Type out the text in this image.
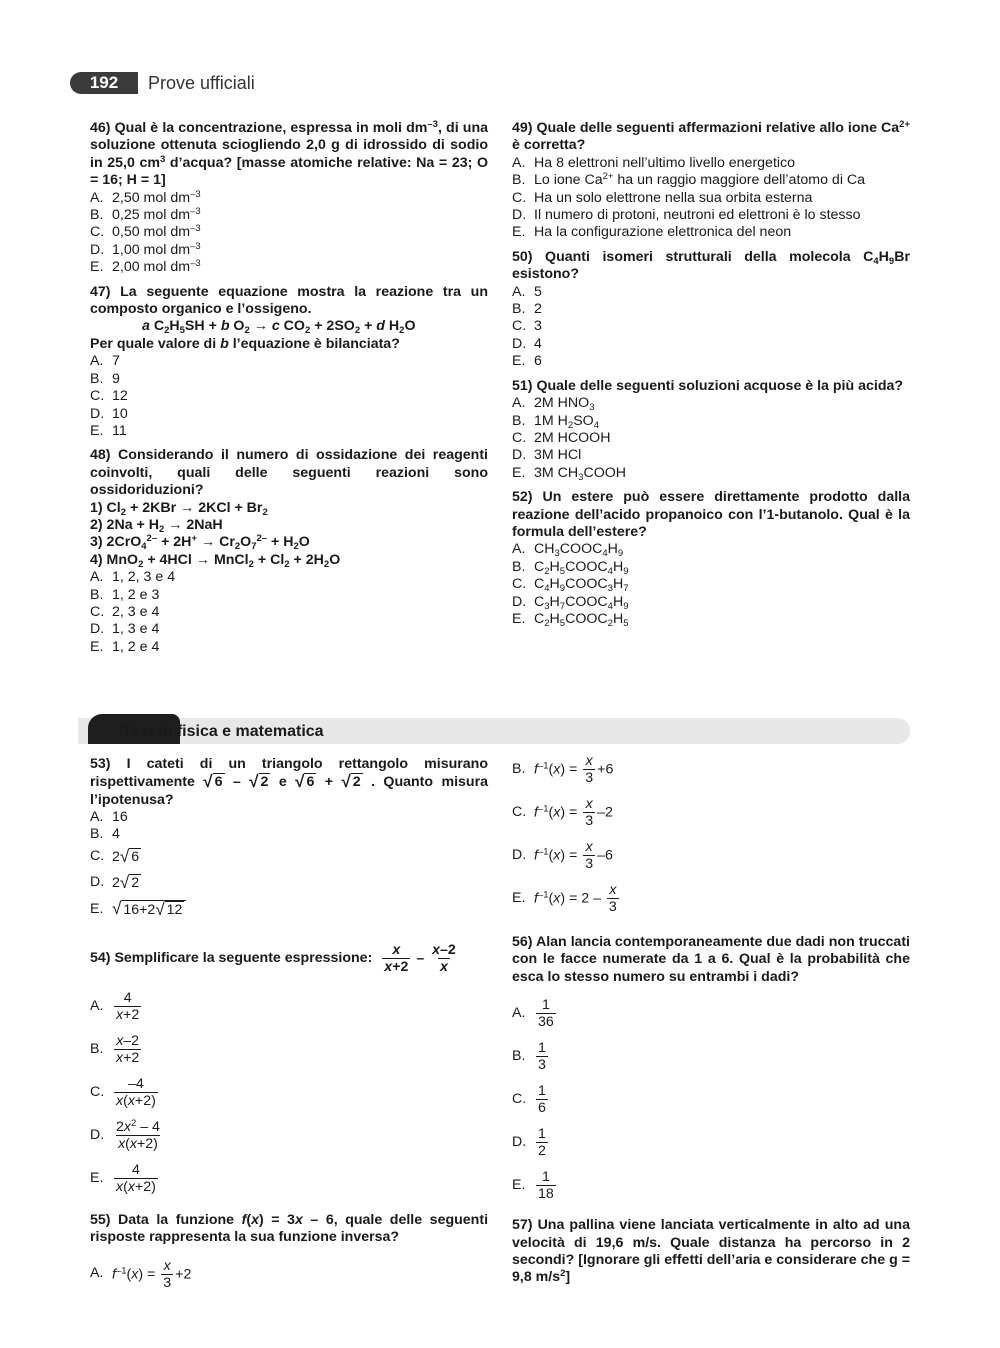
192	Prove ufficiali
46) Qual è la concentrazione, espressa in moli $dm^{-3}$, di una soluzione ottenuta sciogliendo 2,0 g di idrossido di sodio in 25,0 $cm^3$ d’acqua? [masse atomiche relative: Na = 23; O = 16; H = 1]
A. 2,50 mol $dm^{-3}$
B. 0,25 mol $dm^{-3}$
C. 0,50 mol $dm^{-3}$
D. 1,00 mol $dm^{-3}$
E. 2,00 mol $dm^{-3}$
47) La seguente equazione mostra la reazione tra un composto organico e l’ossigeno.
a $C_2H_5SH + b$ $O_2 \to c$ $CO_2 + 2SO_2 + d$ $H_2O$
Per quale valore di b l’equazione è bilanciata?
A. 7
B. 9
C. 12
D. 10
E. 11
48) Considerando il numero di ossidazione dei reagenti coinvolti, quali delle seguenti reazioni sono ossidoriduzioni?
1) $Cl_2 + 2KBr \to 2KCl + Br_2$
2) $2Na + H_2 \to 2NaH$
3) $2CrO_4^{2-} + 2H^+ \to Cr_2O_7^{2-} + H_2O$
4) MnO$_2$ + 4HCl → MnCl$_2$ + $Cl_2 + 2H_2O$
A. 1, 2, 3 e 4
B. 1, 2 e 3
C. 2, 3 e 4
D. 1, 3 e 4
E. 1, 2 e 4
49) Quale delle seguenti affermazioni relative allo ione $Ca^{2+}$ è corretta?
A. Ha 8 elettroni nell’ultimo livello energetico
B. Lo ione $Ca^{2+}$ ha un raggio maggiore dell’atomo di Ca
C. Ha un solo elettrone nella sua orbita esterna
D. Il numero di protoni, neutroni ed elettroni è lo stesso
E. Ha la configurazione elettronica del neon
50) Quanti isomeri strutturali della molecola $C_4H_9Br$ esistono?
A. 5
B. 2
C. 3
D. 4
E. 6
51) Quale delle seguenti soluzioni acquose è la più acida?
A. 2M $HNO_3$
B. 1M $H_2SO_4$
C. 2M HCOOH
D. 3M HCl
E. 3M $CH_3COOH$
52) Un estere può essere direttamente prodotto dalla reazione dell’acido propanoico con l’1-butanolo. Qual è la formula dell’estere?
A. $CH_3COOC_4H_9$
B. $C_2H_5COOC_4H_9$
C. $C_4H_9COOC_3H_7$
D. $C_3H_7COOC_4H_9$
E. $C_2H_5COOC_2H_5$
Test di fisica e matematica
53) I cateti di un triangolo rettangolo misurano rispettivamente √ 6 – √ 2 e √ 6 + √ 2 . Quanto misura l’ipotenusa?
A. 16
B. 4
C. 2 √ 6
D. 2 √ 2
E. √ 16+2 √ 12
54) Semplificare la seguente espressione: $\frac{x}{x+2} - \frac{x-2}{x}$
A. $\frac{4}{x+2}$
B. $\frac{x-2}{x+2}$
C. $\frac{-4}{x(x+2)}$
D. $\frac{2x^2 - 4}{x(x+2)}$
E. $\frac{4}{x(x+2)}$
55) Data la funzione f(x) = 3x – 6, quale delle seguenti risposte rappresenta la sua funzione inversa?
A. $f^{-1}(x) = \frac{x}{3} +2$
B. $f^{-1}(x) = \frac{x}{3} +6$
C. $f^{-1}(x) = \frac{x}{3} -2$
D. $f^{-1}(x) = \frac{x}{3} -6$
E. $f^{-1}(x) = 2 - \frac{x}{3}$
56) Alan lancia contemporaneamente due dadi non truccati con le facce numerate da 1 a 6. Qual è la probabilità che esca lo stesso numero su entrambi i dadi?
A. $\frac{1}{36}$
B. $\frac{1}{3}$
C. $\frac{1}{6}$
D. $\frac{1}{2}$
E. $\frac{1}{18}$
57) Una pallina viene lanciata verticalmente in alto ad una velocità di 19,6 m/s. Quale distanza ha percorso in 2 secondi? [Ignorare gli effetti dell’aria e considerare che g = 9,8 $m/s^2$]
